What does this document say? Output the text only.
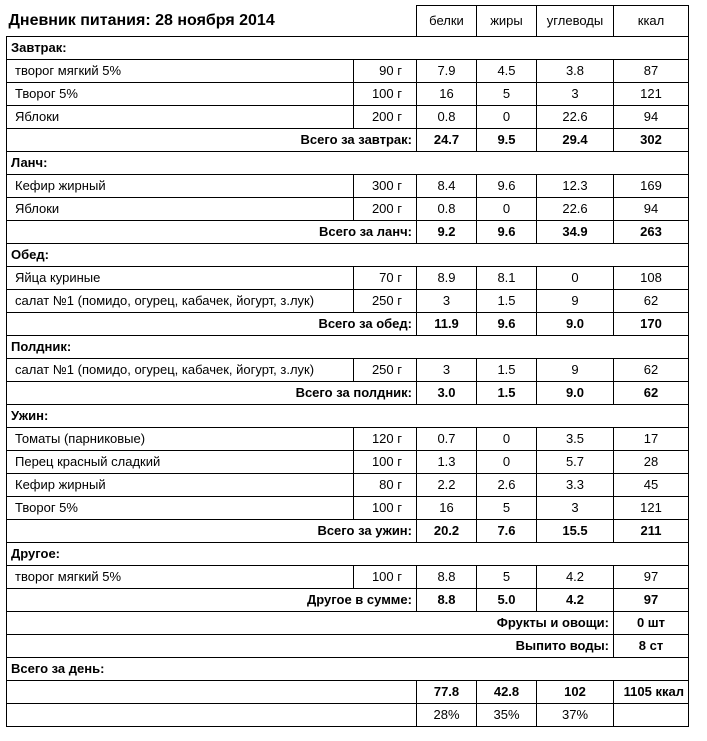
Дневник питания: 28 ноября 2014		белки	жиры	углеводы	ккал
Завтрак:					
творог мягкий 5%	90 г	7.9	4.5	3.8	87
Творог 5%	100 г	16	5	3	121
Яблоки	200 г	0.8	0	22.6	94
Всего за завтрак:		24.7	9.5	29.4	302
Ланч:					
Кефир жирный	300 г	8.4	9.6	12.3	169
Яблоки	200 г	0.8	0	22.6	94
Всего за ланч:		9.2	9.6	34.9	263
Обед:					
Яйца куриные	70 г	8.9	8.1	0	108
салат №1 (помидо, огурец, кабачек, йогурт, з.лук)	250 г	3	1.5	9	62
Всего за обед:		11.9	9.6	9.0	170
Полдник:					
салат №1 (помидо, огурец, кабачек, йогурт, з.лук)	250 г	3	1.5	9	62
Всего за полдник:		3.0	1.5	9.0	62
Ужин:					
Томаты (парниковые)	120 г	0.7	0	3.5	17
Перец красный сладкий	100 г	1.3	0	5.7	28
Кефир жирный	80 г	2.2	2.6	3.3	45
Творог 5%	100 г	16	5	3	121
Всего за ужин:		20.2	7.6	15.5	211
Другое:					
творог мягкий 5%	100 г	8.8	5	4.2	97
Другое в сумме:		8.8	5.0	4.2	97
Фрукты и овощи:					0 шт
Выпито воды:					8 ст
Всего за день:					
		77.8	42.8	102	1105 ккал
		28%	35%	37%	
